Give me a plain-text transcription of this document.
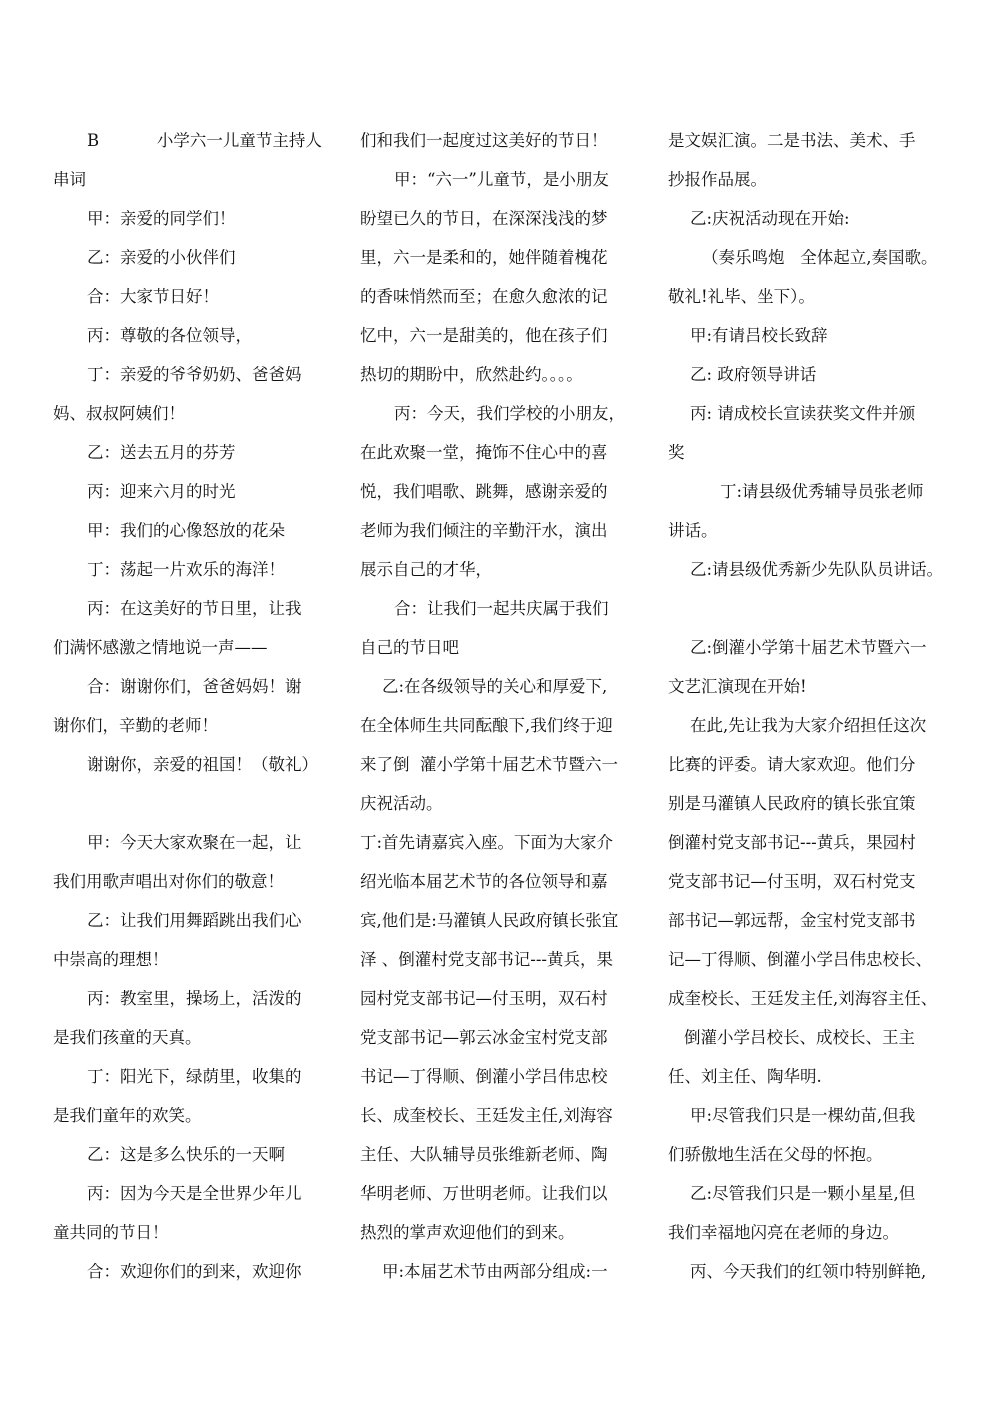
B           小学六一儿童节主持人
串词
甲：亲爱的同学们！
乙：亲爱的小伙伴们
合：大家节日好！
丙：尊敬的各位领导，
丁：亲爱的爷爷奶奶、爸爸妈
妈、叔叔阿姨们！
乙：送去五月的芬芳
丙：迎来六月的时光
甲：我们的心像怒放的花朵
丁：荡起一片欢乐的海洋！
丙：在这美好的节日里，让我
们满怀感激之情地说一声——
合：谢谢你们，爸爸妈妈！谢
谢你们，辛勤的老师！
谢谢你，亲爱的祖国！（敬礼）
甲：今天大家欢聚在一起，让
我们用歌声唱出对你们的敬意！
乙：让我们用舞蹈跳出我们心
中崇高的理想！
丙：教室里，操场上，活泼的
是我们孩童的天真。
丁：阳光下，绿荫里，收集的
是我们童年的欢笑。
乙：这是多么快乐的一天啊
丙：因为今天是全世界少年儿
童共同的节日！
合：欢迎你们的到来，欢迎你
们和我们一起度过这美好的节日！
甲：“六一”儿童节，是小朋友
盼望已久的节日，在深深浅浅的梦
里，六一是柔和的，她伴随着槐花
的香味悄然而至；在愈久愈浓的记
忆中，六一是甜美的，他在孩子们
热切的期盼中，欣然赴约。。。。
丙：今天，我们学校的小朋友，
在此欢聚一堂，掩饰不住心中的喜
悦，我们唱歌、跳舞，感谢亲爱的
老师为我们倾注的辛勤汗水，演出
展示自己的才华，
合：让我们一起共庆属于我们
自己的节日吧
乙:在各级领导的关心和厚爱下,
在全体师生共同酝酿下,我们终于迎
来了倒  灌小学第十届艺术节暨六一
庆祝活动。
丁:首先请嘉宾入座。下面为大家介
绍光临本届艺术节的各位领导和嘉
宾,他们是:马灌镇人民政府镇长张宜
泽 、倒灌村党支部书记---黄兵，果
园村党支部书记—付玉明，双石村
党支部书记—郭云冰金宝村党支部
书记—丁得顺、倒灌小学吕伟忠校
长、成奎校长、王廷发主任,刘海容
主任、大队辅导员张维新老师、陶
华明老师、万世明老师。让我们以
热烈的掌声欢迎他们的到来。
甲:本届艺术节由两部分组成:一
是文娱汇演。二是书法、美术、手
抄报作品展。
乙:庆祝活动现在开始:
（奏乐鸣炮   全体起立,奏国歌。
敬礼!礼毕、坐下）。
甲:有请吕校长致辞
乙: 政府领导讲话
丙: 请成校长宣读获奖文件并颁
奖
丁:请县级优秀辅导员张老师
讲话。
乙:请县级优秀新少先队队员讲话。
乙:倒灌小学第十届艺术节暨六一
文艺汇演现在开始!
在此,先让我为大家介绍担任这次
比赛的评委。请大家欢迎。他们分
别是马灌镇人民政府的镇长张宜策
倒灌村党支部书记---黄兵，果园村
党支部书记—付玉明，双石村党支
部书记—郭远帮，金宝村党支部书
记—丁得顺、倒灌小学吕伟忠校长、
成奎校长、王廷发主任,刘海容主任、
倒灌小学吕校长、成校长、王主
任、刘主任、陶华明.
甲:尽管我们只是一棵幼苗,但我
们骄傲地生活在父母的怀抱。
乙:尽管我们只是一颗小星星,但
我们幸福地闪亮在老师的身边。
丙、今天我们的红领巾特别鲜艳,
